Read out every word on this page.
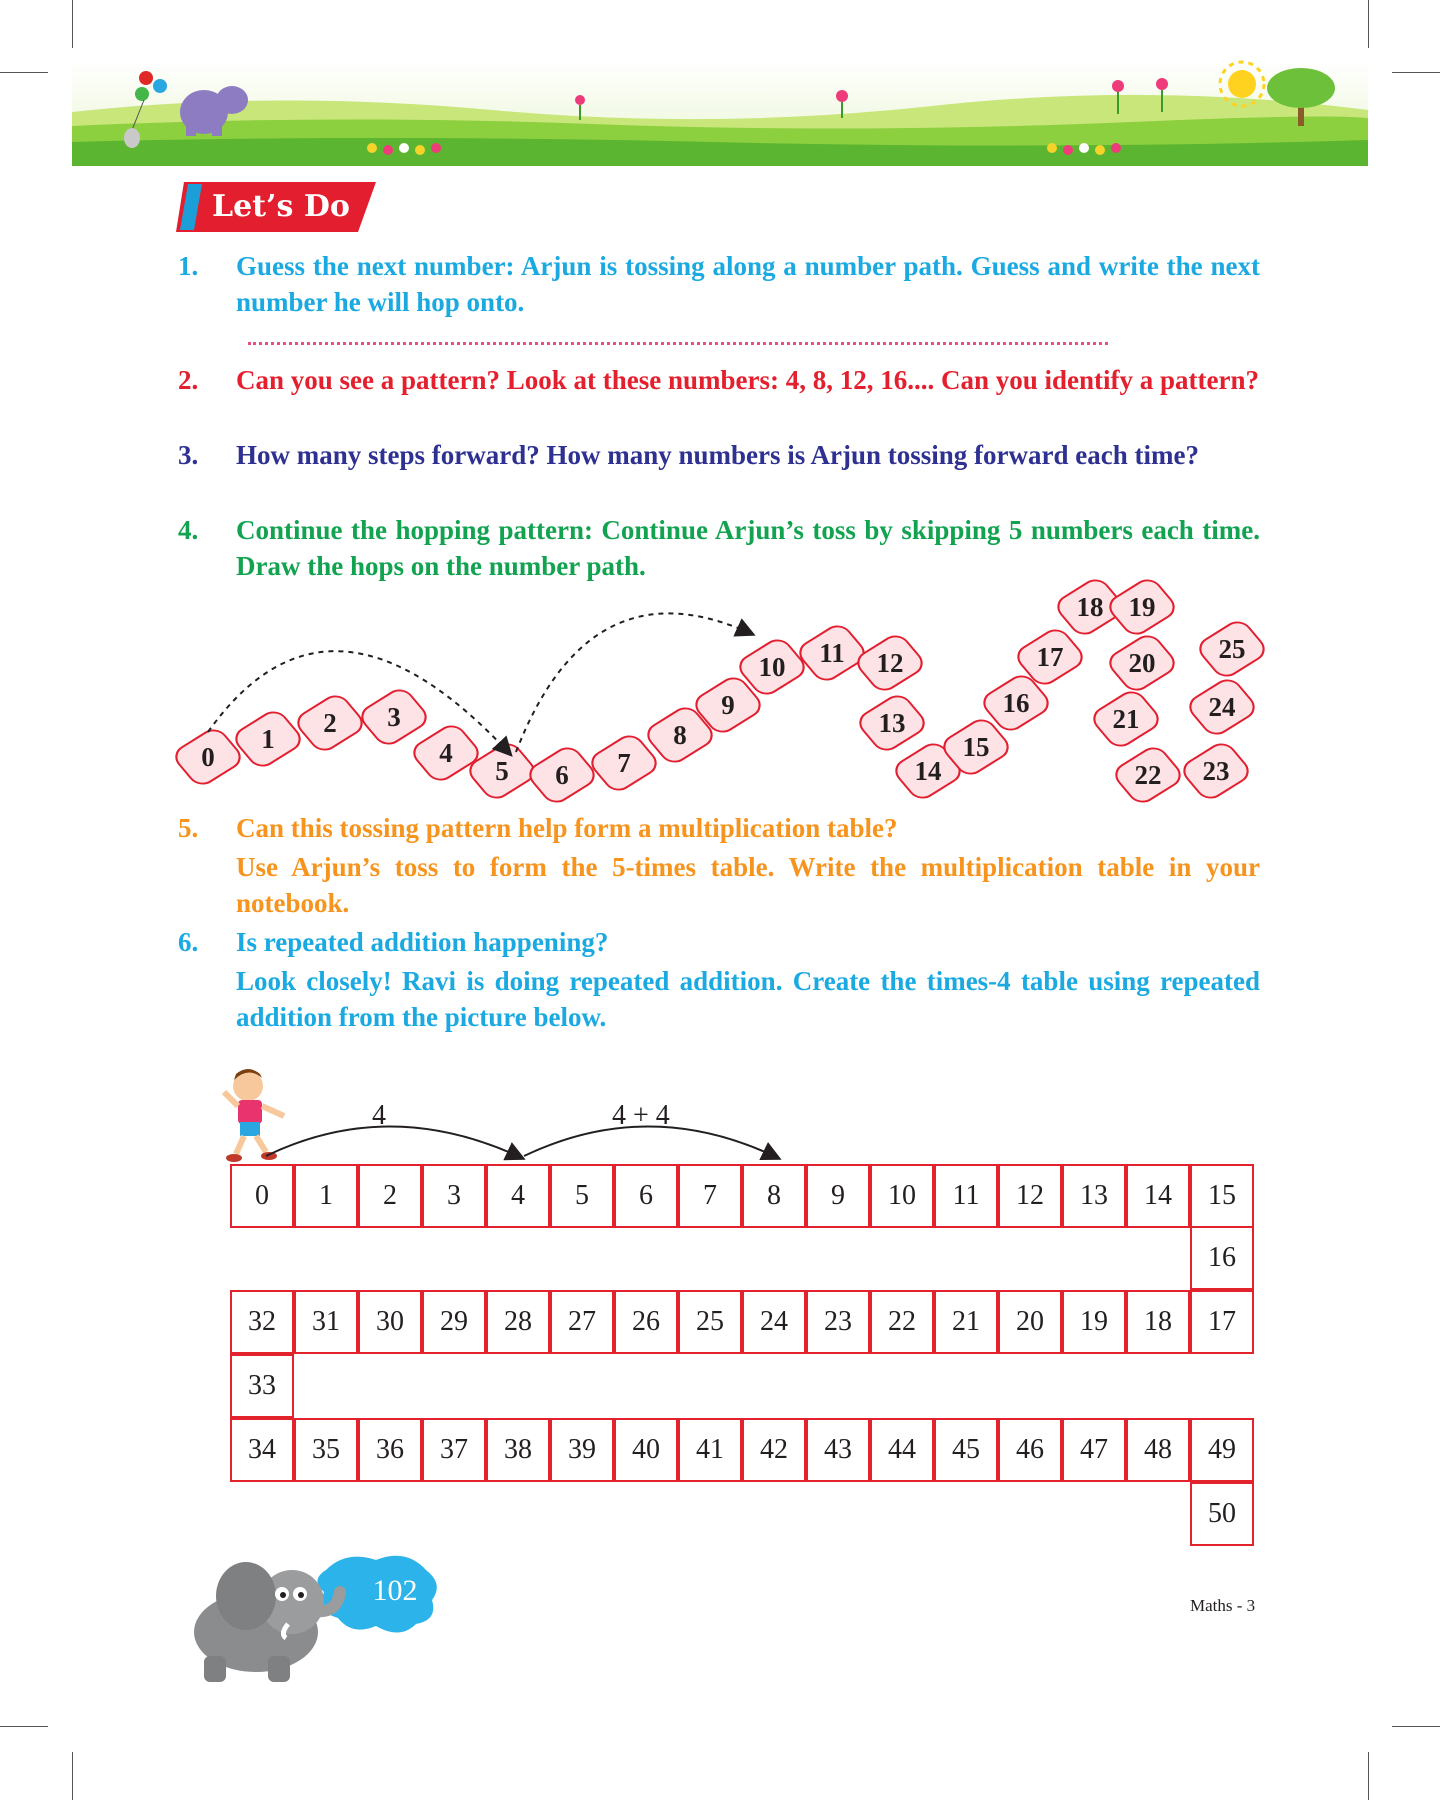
Let’s Do
1. Guess the next number: Arjun is tossing along a number path. Guess and write the next number he will hop onto.
2. Can you see a pattern? Look at these numbers: 4, 8, 12, 16.... Can you identify a pattern?
3. How many steps forward? How many numbers is Arjun tossing forward each time?
4. Continue the hopping pattern: Continue Arjun’s toss by skipping 5 numbers each time. Draw the hops on the number path.
0
1
2	3
4
5	6	7
8
9
10	11	12
13
14
15
16
17
18 19
20
21
22	23
24
25
5. Can this tossing pattern help form a multiplication table?
Use Arjun’s toss to form the 5-times table. Write the multiplication table in your notebook.
6. Is repeated addition happening?
Look closely! Ravi is doing repeated addition. Create the times-4 table using repeated addition from the picture below.
4	4 + 4
0	1	2	3	4	5	6	7	8	9	10	11	12	13	14	15
16
32	31	30	29	28	27	26	25	24	23	22	21	20	19	18	17
33
34	35	36	37	38	39	40	41	42	43	44	45	46	47	48	49
50
102	Maths - 3
